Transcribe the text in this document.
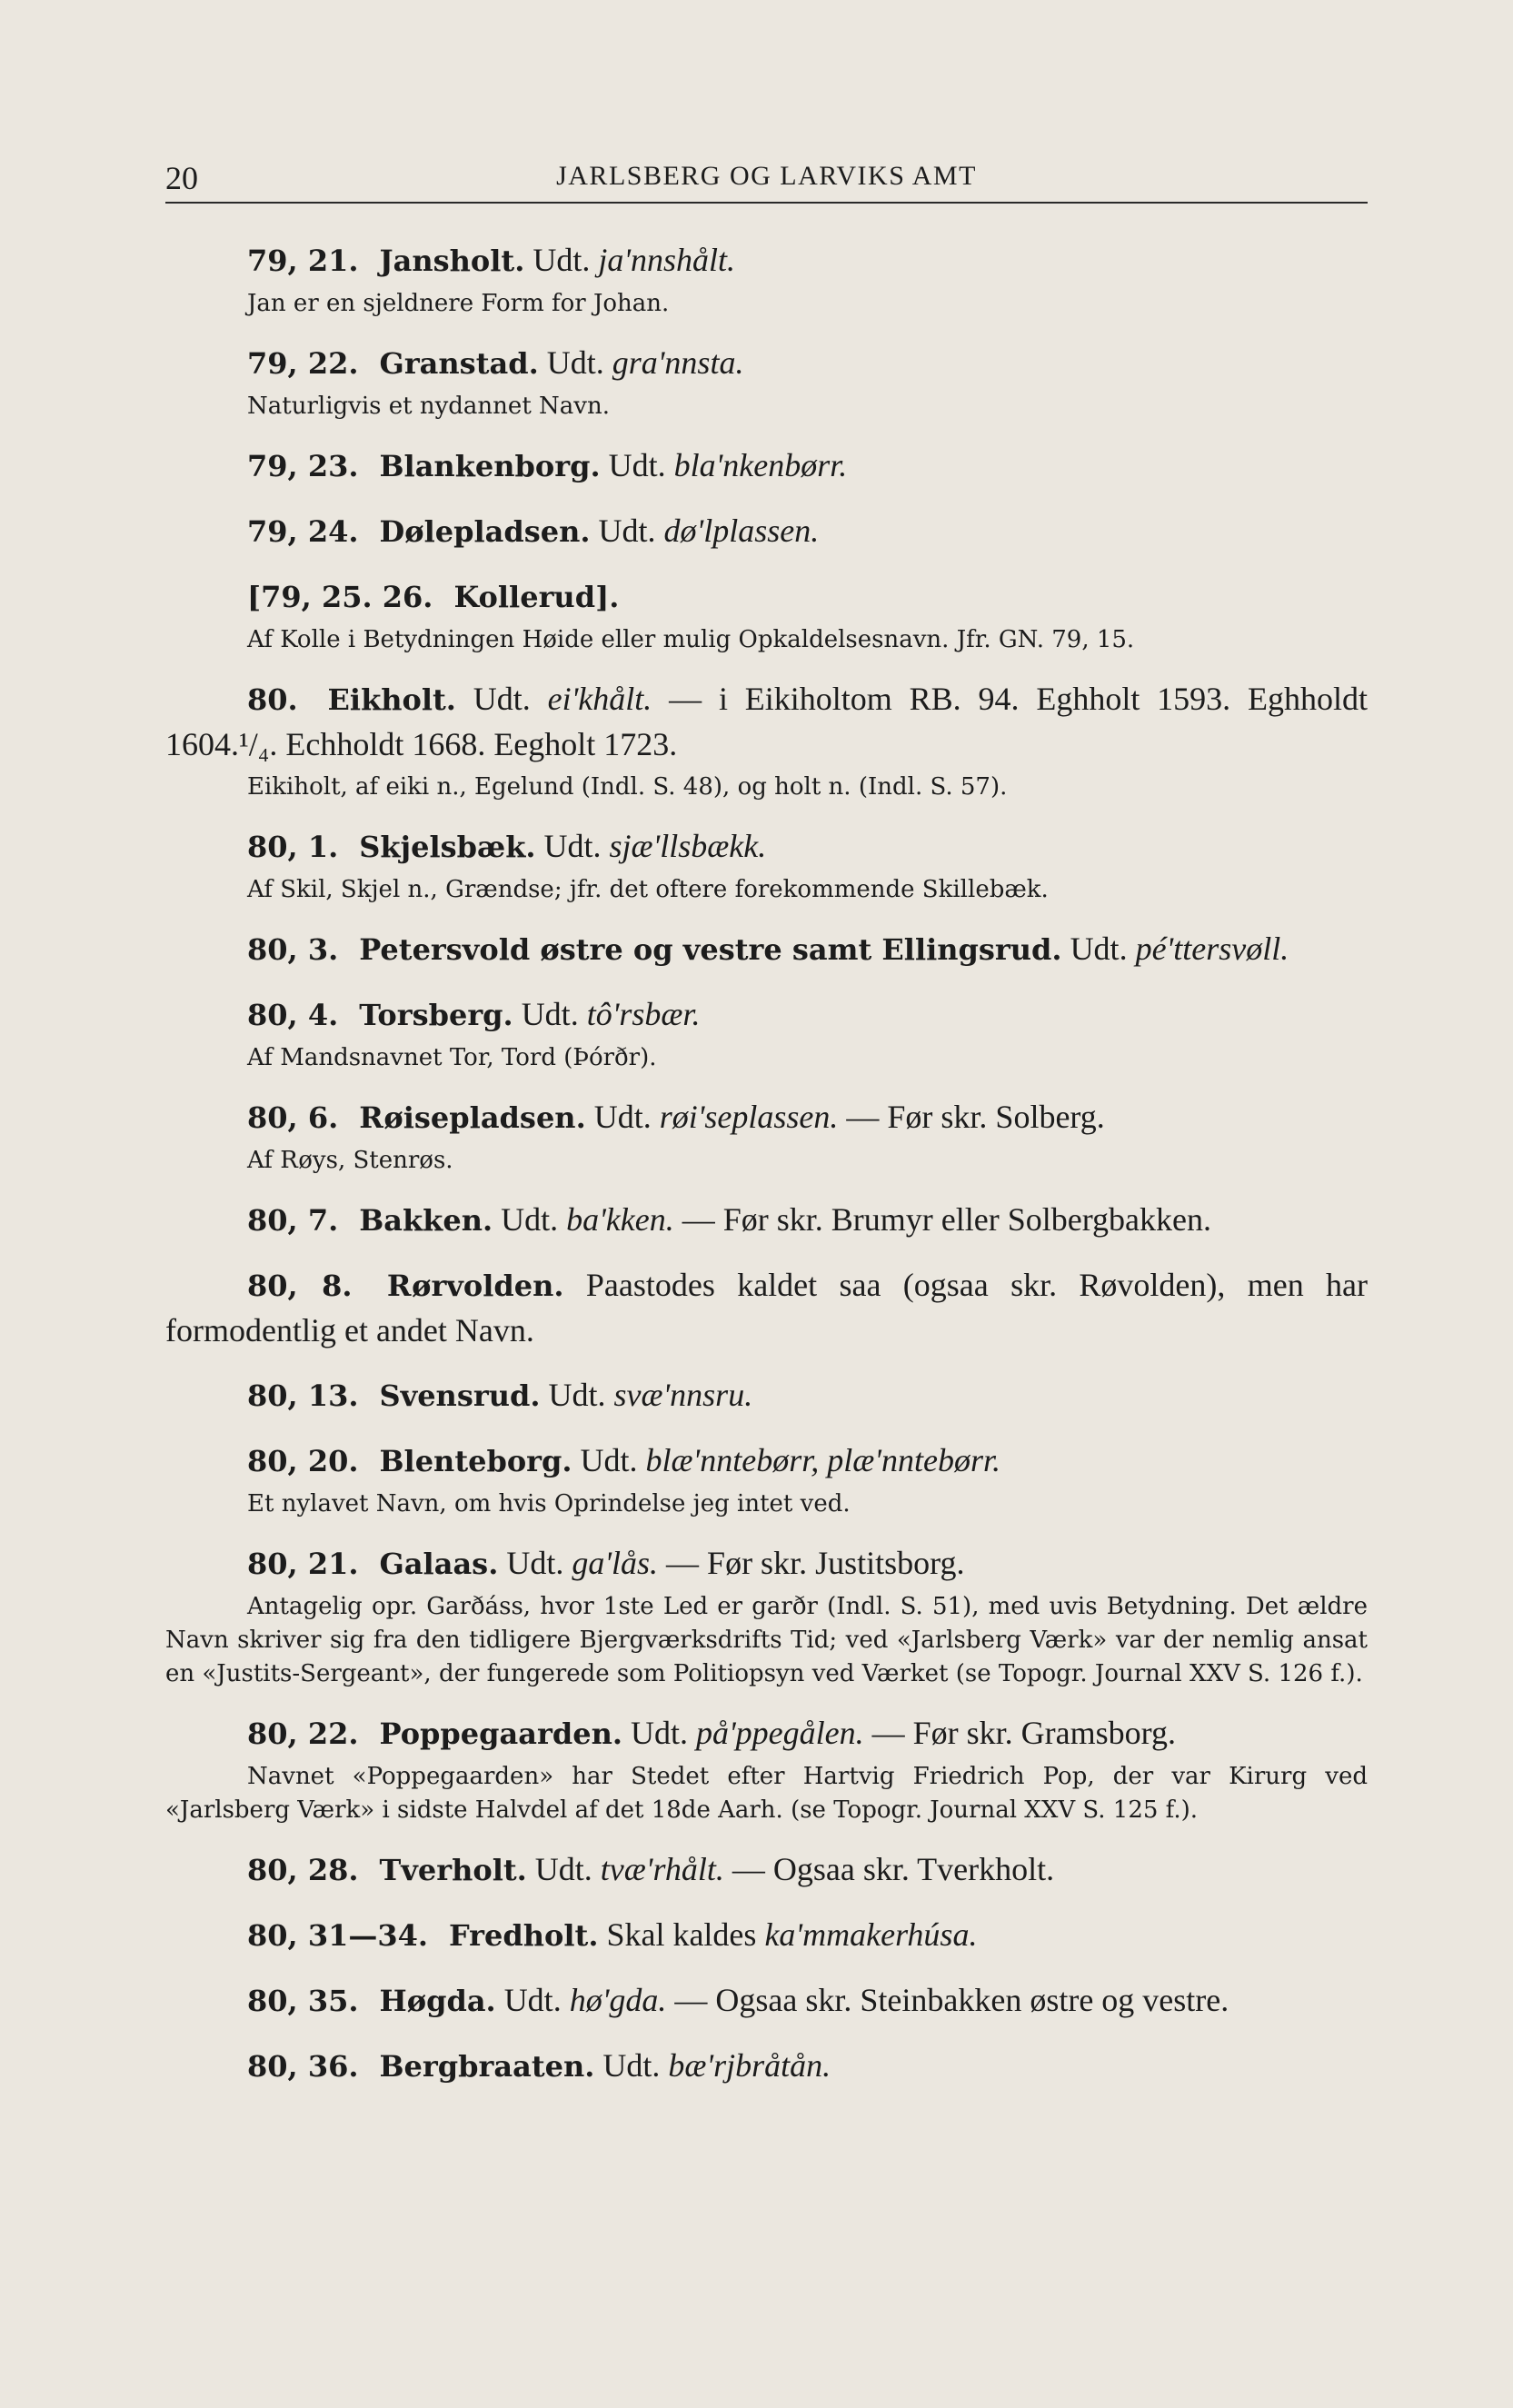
20	JARLSBERG OG LARVIKS AMT
79, 21. Jansholt. Udt. ja'nnshålt.
Jan er en sjeldnere Form for Johan.
79, 22. Granstad. Udt. gra'nnsta.
Naturligvis et nydannet Navn.
79, 23. Blankenborg. Udt. bla'nkenbørr.
79, 24. Dølepladsen. Udt. dø'lplassen.
[79, 25. 26. Kollerud].
Af Kolle i Betydningen Høide eller mulig Opkaldelsesnavn. Jfr. GN. 79, 15.
80. Eikholt. Udt. ei'khålt. — i Eikiholtom RB. 94. Eghholt 1593. Eghholdt 1604.¹/₄. Echholdt 1668. Eegholt 1723.
Eikiholt, af eiki n., Egelund (Indl. S. 48), og holt n. (Indl. S. 57).
80, 1. Skjelsbæk. Udt. sjæ'llsbækk.
Af Skil, Skjel n., Grændse; jfr. det oftere forekommende Skillebæk.
80, 3. Petersvold østre og vestre samt Ellingsrud. Udt. pé'ttersvøll.
80, 4. Torsberg. Udt. tô'rsbær.
Af Mandsnavnet Tor, Tord (Þórðr).
80, 6. Røisepladsen. Udt. røi'seplassen. — Før skr. Solberg.
Af Røys, Stenrøs.
80, 7. Bakken. Udt. ba'kken. — Før skr. Brumyr eller Solbergbakken.
80, 8. Rørvolden. Paastodes kaldet saa (ogsaa skr. Røvolden), men har formodentlig et andet Navn.
80, 13. Svensrud. Udt. svæ'nnsru.
80, 20. Blenteborg. Udt. blæ'nntebørr, plæ'nntebørr.
Et nylavet Navn, om hvis Oprindelse jeg intet ved.
80, 21. Galaas. Udt. ga'lås. — Før skr. Justitsborg.
Antagelig opr. Garðáss, hvor 1ste Led er garðr (Indl. S. 51), med uvis Betydning. Det ældre Navn skriver sig fra den tidligere Bjergværksdrifts Tid; ved «Jarlsberg Værk» var der nemlig ansat en «Justits-Sergeant», der fungerede som Politiopsyn ved Værket (se Topogr. Journal XXV S. 126 f.).
80, 22. Poppegaarden. Udt. på'ppegålen. — Før skr. Gramsborg.
Navnet «Poppegaarden» har Stedet efter Hartvig Friedrich Pop, der var Kirurg ved «Jarlsberg Værk» i sidste Halvdel af det 18de Aarh. (se Topogr. Journal XXV S. 125 f.).
80, 28. Tverholt. Udt. tvæ'rhålt. — Ogsaa skr. Tverkholt.
80, 31—34. Fredholt. Skal kaldes ka'mmakerhúsa.
80, 35. Høgda. Udt. hø'gda. — Ogsaa skr. Steinbakken østre og vestre.
80, 36. Bergbraaten. Udt. bæ'rjbråtån.
